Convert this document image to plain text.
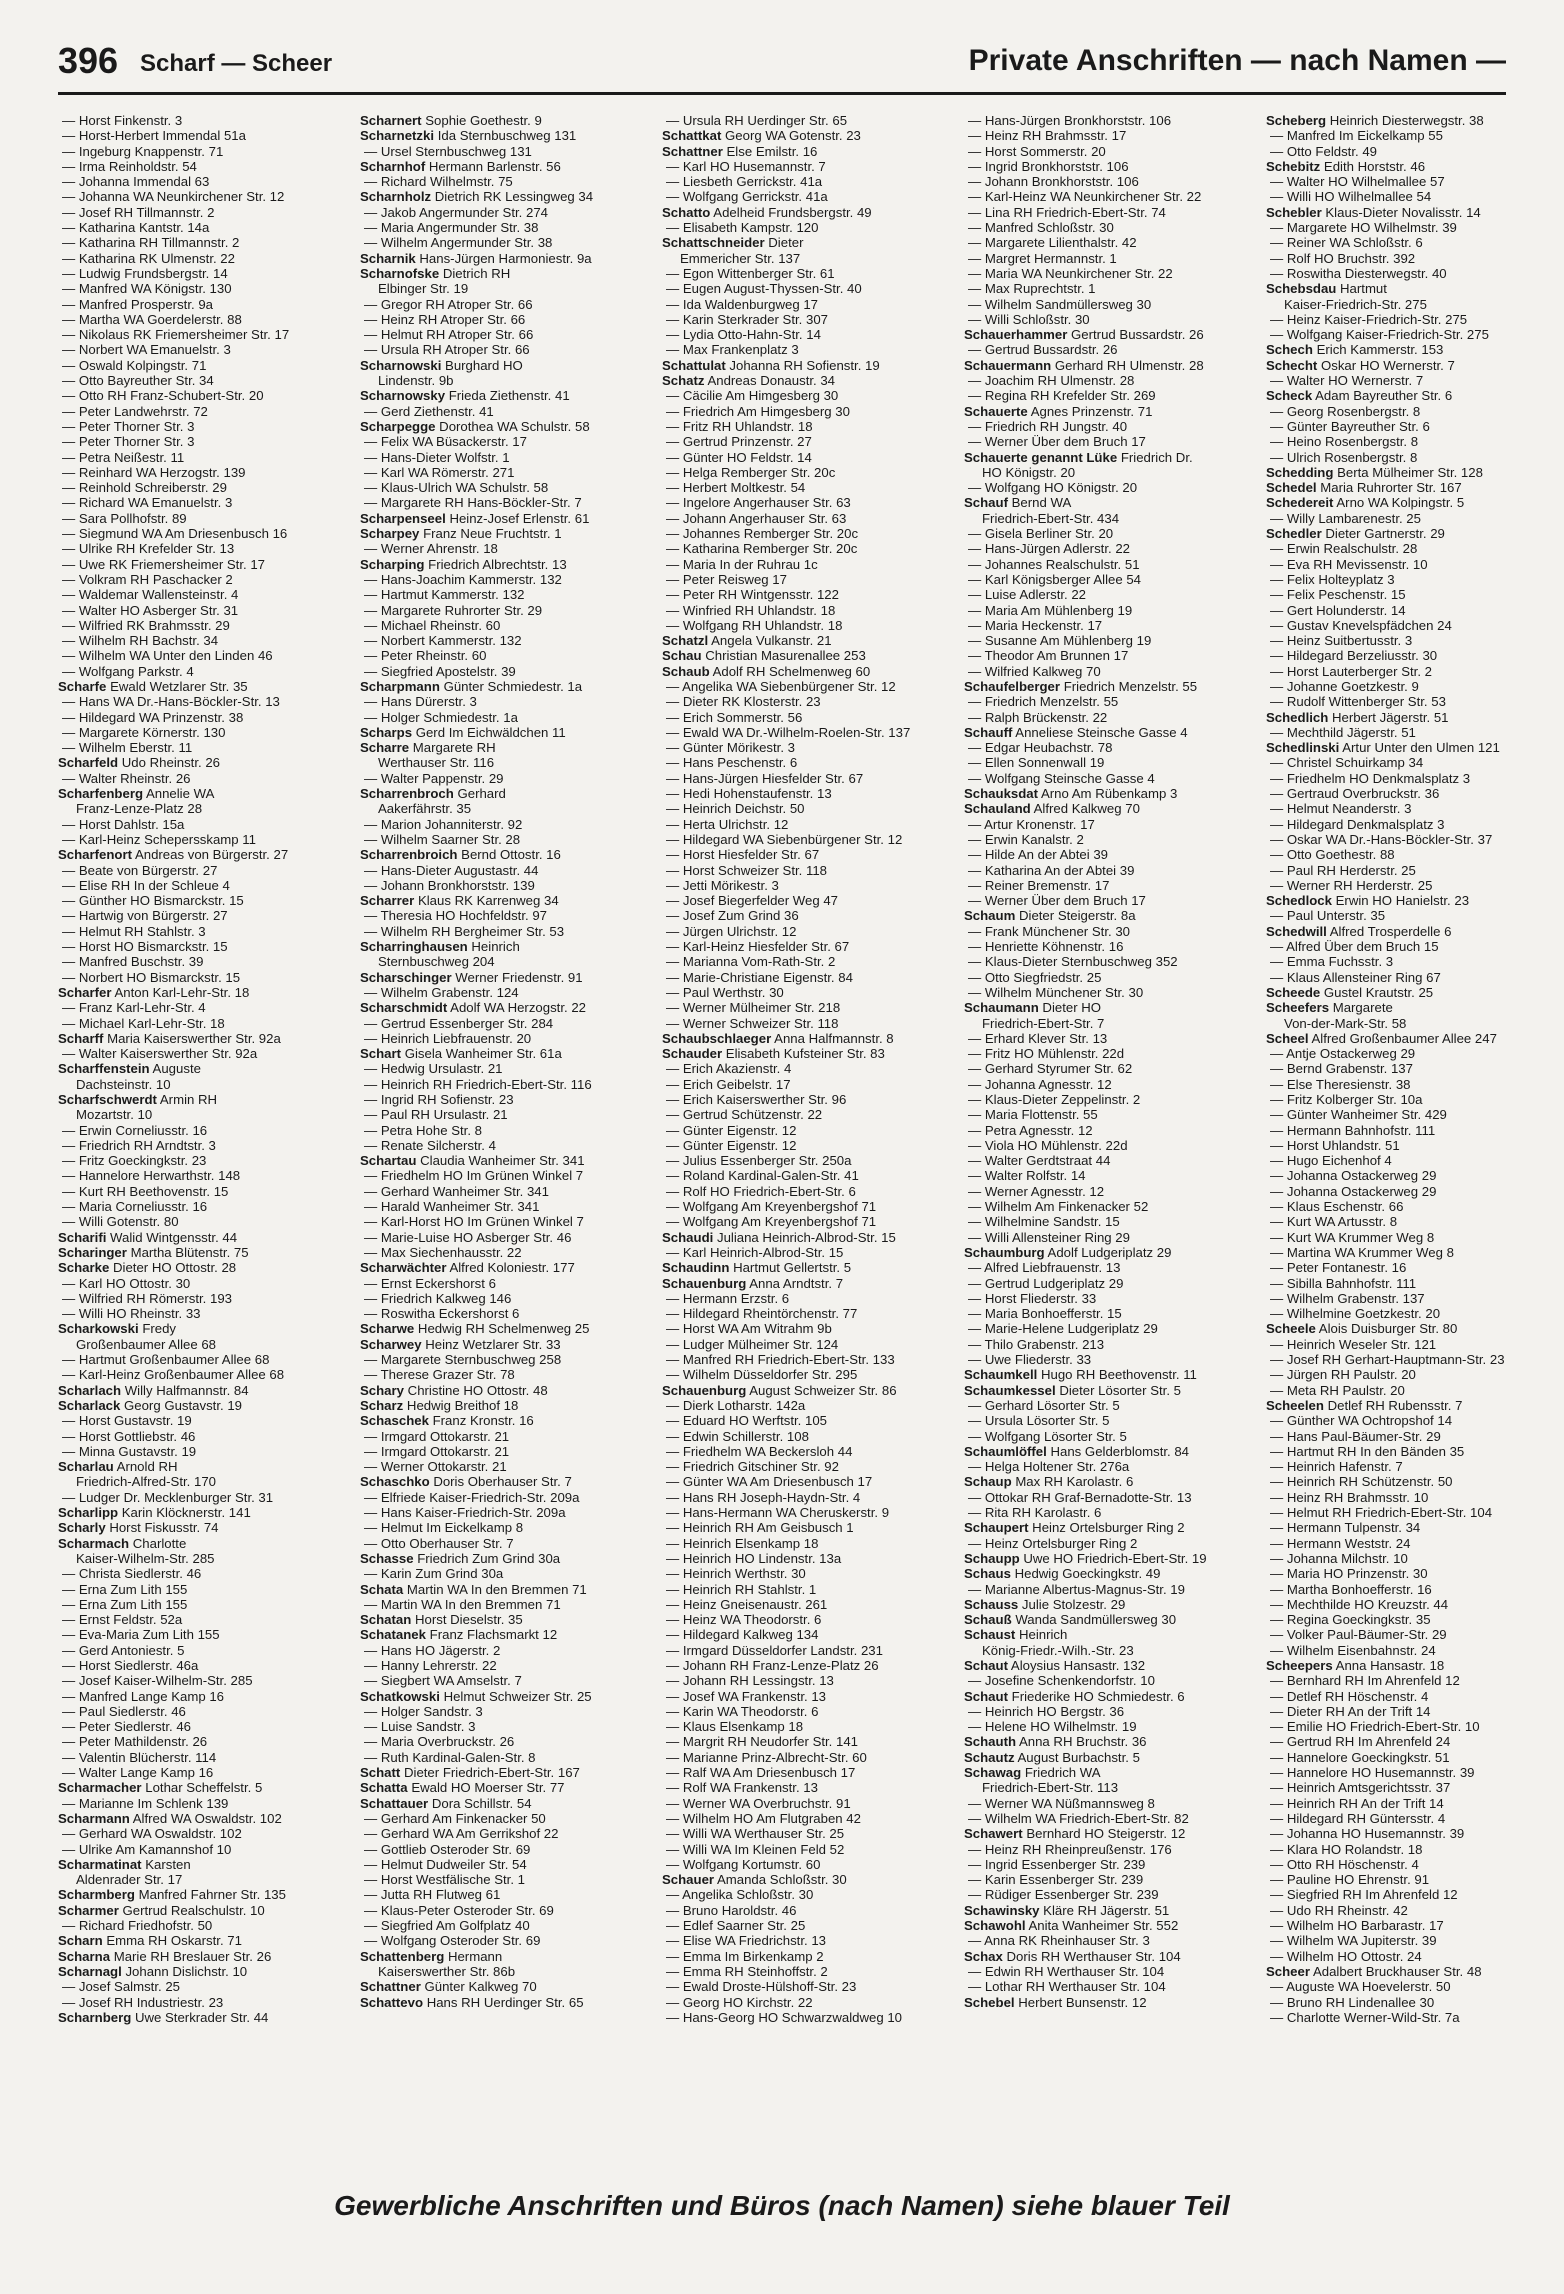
396 Scharf — Scheer	Private Anschriften — nach Namen —
— Horst Finkenstr. 3
— Horst-Herbert Immendal 51a
— Ingeburg Knappenstr. 71
— Irma Reinholdstr. 54
— Johanna Immendal 63
— Johanna WA Neunkirchener Str. 12
— Josef RH Tillmannstr. 2
— Katharina Kantstr. 14a
— Katharina RH Tillmannstr. 2
— Katharina RK Ulmenstr. 22
— Ludwig Frundsbergstr. 14
— Manfred WA Königstr. 130
— Manfred Prosperstr. 9a
— Martha WA Goerdelerstr. 88
— Nikolaus RK Friemersheimer Str. 17
— Norbert WA Emanuelstr. 3
— Oswald Kolpingstr. 71
— Otto Bayreuther Str. 34
— Otto RH Franz-Schubert-Str. 20
— Peter Landwehrstr. 72
— Peter Thorner Str. 3
— Peter Thorner Str. 3
— Petra Neißestr. 11
— Reinhard WA Herzogstr. 139
— Reinhold Schreiberstr. 29
— Richard WA Emanuelstr. 3
— Sara Pollhofstr. 89
— Siegmund WA Am Driesenbusch 16
— Ulrike RH Krefelder Str. 13
— Uwe RK Friemersheimer Str. 17
— Volkram RH Paschacker 2
— Waldemar Wallensteinstr. 4
— Walter HO Asberger Str. 31
— Wilfried RK Brahmsstr. 29
— Wilhelm RH Bachstr. 34
— Wilhelm WA Unter den Linden 46
— Wolfgang Parkstr. 4
Scharfe Ewald Wetzlarer Str. 35
— Hans WA Dr.-Hans-Böckler-Str. 13
— Hildegard WA Prinzenstr. 38
— Margarete Körnerstr. 130
— Wilhelm Eberstr. 11
Scharfeld Udo Rheinstr. 26
— Walter Rheinstr. 26
Scharfenberg Annelie WA
Franz-Lenze-Platz 28
— Horst Dahlstr. 15a
— Karl-Heinz Schepersskamp 11
Scharfenort Andreas von Bürgerstr. 27
— Beate von Bürgerstr. 27
— Elise RH In der Schleue 4
— Günther HO Bismarckstr. 15
— Hartwig von Bürgerstr. 27
— Helmut RH Stahlstr. 3
— Horst HO Bismarckstr. 15
— Manfred Buschstr. 39
— Norbert HO Bismarckstr. 15
Scharfer Anton Karl-Lehr-Str. 18
— Franz Karl-Lehr-Str. 4
— Michael Karl-Lehr-Str. 18
Scharff Maria Kaiserswerther Str. 92a
— Walter Kaiserswerther Str. 92a
Scharffenstein Auguste
Dachsteinstr. 10
Scharfschwerdt Armin RH
Mozartstr. 10
— Erwin Corneliusstr. 16
— Friedrich RH Arndtstr. 3
— Fritz Goeckingkstr. 23
— Hannelore Herwarthstr. 148
— Kurt RH Beethovenstr. 15
— Maria Corneliusstr. 16
— Willi Gotenstr. 80
Scharifi Walid Wintgensstr. 44
Scharinger Martha Blütenstr. 75
Scharke Dieter HO Ottostr. 28
— Karl HO Ottostr. 30
— Wilfried RH Römerstr. 193
— Willi HO Rheinstr. 33
Scharkowski Fredy
Großenbaumer Allee 68
— Hartmut Großenbaumer Allee 68
— Karl-Heinz Großenbaumer Allee 68
Scharlach Willy Halfmannstr. 84
Scharlack Georg Gustavstr. 19
— Horst Gustavstr. 19
— Horst Gottliebstr. 46
— Minna Gustavstr. 19
Scharlau Arnold RH
Friedrich-Alfred-Str. 170
— Ludger Dr. Mecklenburger Str. 31
Scharlipp Karin Klöcknerstr. 141
Scharly Horst Fiskusstr. 74
Scharmach Charlotte
Kaiser-Wilhelm-Str. 285
— Christa Siedlerstr. 46
— Erna Zum Lith 155
— Erna Zum Lith 155
— Ernst Feldstr. 52a
— Eva-Maria Zum Lith 155
— Gerd Antoniestr. 5
— Horst Siedlerstr. 46a
— Josef Kaiser-Wilhelm-Str. 285
— Manfred Lange Kamp 16
— Paul Siedlerstr. 46
— Peter Siedlerstr. 46
— Peter Mathildenstr. 26
— Valentin Blücherstr. 114
— Walter Lange Kamp 16
Scharmacher Lothar Scheffelstr. 5
— Marianne Im Schlenk 139
Scharmann Alfred WA Oswaldstr. 102
— Gerhard WA Oswaldstr. 102
— Ulrike Am Kamannshof 10
Scharmatinat Karsten
Aldenrader Str. 17
Scharmberg Manfred Fahrner Str. 135
Scharmer Gertrud Realschulstr. 10
— Richard Friedhofstr. 50
Scharn Emma RH Oskarstr. 71
Scharna Marie RH Breslauer Str. 26
Scharnagl Johann Dislichstr. 10
— Josef Salmstr. 25
— Josef RH Industriestr. 23
Scharnberg Uwe Sterkrader Str. 44
Scharnert Sophie Goethestr. 9
Scharnetzki Ida Sternbuschweg 131
— Ursel Sternbuschweg 131
Scharnhof Hermann Barlenstr. 56
— Richard Wilhelmstr. 75
Scharnholz Dietrich RK Lessingweg 34
— Jakob Angermunder Str. 274
— Maria Angermunder Str. 38
— Wilhelm Angermunder Str. 38
Scharnik Hans-Jürgen Harmoniestr. 9a
Scharnofske Dietrich RH
Elbinger Str. 19
— Gregor RH Atroper Str. 66
— Heinz RH Atroper Str. 66
— Helmut RH Atroper Str. 66
— Ursula RH Atroper Str. 66
Scharnowski Burghard HO
Lindenstr. 9b
Scharnowsky Frieda Ziethenstr. 41
— Gerd Ziethenstr. 41
Scharpegge Dorothea WA Schulstr. 58
— Felix WA Büsackerstr. 17
— Hans-Dieter Wolfstr. 1
— Karl WA Römerstr. 271
— Klaus-Ulrich WA Schulstr. 58
— Margarete RH Hans-Böckler-Str. 7
Scharpenseel Heinz-Josef Erlenstr. 61
Scharpey Franz Neue Fruchtstr. 1
— Werner Ahrenstr. 18
Scharping Friedrich Albrechtstr. 13
— Hans-Joachim Kammerstr. 132
— Hartmut Kammerstr. 132
— Margarete Ruhrorter Str. 29
— Michael Rheinstr. 60
— Norbert Kammerstr. 132
— Peter Rheinstr. 60
— Siegfried Apostelstr. 39
Scharpmann Günter Schmiedestr. 1a
— Hans Dürerstr. 3
— Holger Schmiedestr. 1a
Scharps Gerd Im Eichwäldchen 11
Scharre Margarete RH
Werthauser Str. 116
— Walter Pappenstr. 29
Scharrenbroch Gerhard
Aakerfährstr. 35
— Marion Johanniterstr. 92
— Wilhelm Saarner Str. 28
Scharrenbroich Bernd Ottostr. 16
— Hans-Dieter Augustastr. 44
— Johann Bronkhorststr. 139
Scharrer Klaus RK Karrenweg 34
— Theresia HO Hochfeldstr. 97
— Wilhelm RH Bergheimer Str. 53
Scharringhausen Heinrich
Sternbuschweg 204
Scharschinger Werner Friedenstr. 91
— Wilhelm Grabenstr. 124
Scharschmidt Adolf WA Herzogstr. 22
— Gertrud Essenberger Str. 284
— Heinrich Liebfrauenstr. 20
Schart Gisela Wanheimer Str. 61a
— Hedwig Ursulastr. 21
— Heinrich RH Friedrich-Ebert-Str. 116
— Ingrid RH Sofienstr. 23
— Paul RH Ursulastr. 21
— Petra Hohe Str. 8
— Renate Silcherstr. 4
Schartau Claudia Wanheimer Str. 341
— Friedhelm HO Im Grünen Winkel 7
— Gerhard Wanheimer Str. 341
— Harald Wanheimer Str. 341
— Karl-Horst HO Im Grünen Winkel 7
— Marie-Luise HO Asberger Str. 46
— Max Siechenhausstr. 22
Scharwächter Alfred Koloniestr. 177
— Ernst Eckershorst 6
— Friedrich Kalkweg 146
— Roswitha Eckershorst 6
Scharwe Hedwig RH Schelmenweg 25
Scharwey Heinz Wetzlarer Str. 33
— Margarete Sternbuschweg 258
— Therese Grazer Str. 78
Schary Christine HO Ottostr. 48
Scharz Hedwig Breithof 18
Schaschek Franz Kronstr. 16
— Irmgard Ottokarstr. 21
— Irmgard Ottokarstr. 21
— Werner Ottokarstr. 21
Schaschko Doris Oberhauser Str. 7
— Elfriede Kaiser-Friedrich-Str. 209a
— Hans Kaiser-Friedrich-Str. 209a
— Helmut Im Eickelkamp 8
— Otto Oberhauser Str. 7
Schasse Friedrich Zum Grind 30a
— Karin Zum Grind 30a
Schata Martin WA In den Bremmen 71
— Martin WA In den Bremmen 71
Schatan Horst Dieselstr. 35
Schatanek Franz Flachsmarkt 12
— Hans HO Jägerstr. 2
— Hanny Lehrerstr. 22
— Siegbert WA Amselstr. 7
Schatkowski Helmut Schweizer Str. 25
— Holger Sandstr. 3
— Luise Sandstr. 3
— Maria Overbruckstr. 26
— Ruth Kardinal-Galen-Str. 8
Schatt Dieter Friedrich-Ebert-Str. 167
Schatta Ewald HO Moerser Str. 77
Schattauer Dora Schillstr. 54
— Gerhard Am Finkenacker 50
— Gerhard WA Am Gerrikshof 22
— Gottlieb Osteroder Str. 69
— Helmut Dudweiler Str. 54
— Horst Westfälische Str. 1
— Jutta RH Flutweg 61
— Klaus-Peter Osteroder Str. 69
— Siegfried Am Golfplatz 40
— Wolfgang Osteroder Str. 69
Schattenberg Hermann
Kaiserswerther Str. 86b
Schattner Günter Kalkweg 70
Schattevo Hans RH Uerdinger Str. 65
— Ursula RH Uerdinger Str. 65
Schattkat Georg WA Gotenstr. 23
Schattner Else Emilstr. 16
— Karl HO Husemannstr. 7
— Liesbeth Gerrickstr. 41a
— Wolfgang Gerrickstr. 41a
Schatto Adelheid Frundsbergstr. 49
— Elisabeth Kampstr. 120
Schattschneider Dieter
Emmericher Str. 137
— Egon Wittenberger Str. 61
— Eugen August-Thyssen-Str. 40
— Ida Waldenburgweg 17
— Karin Sterkrader Str. 307
— Lydia Otto-Hahn-Str. 14
— Max Frankenplatz 3
Schattulat Johanna RH Sofienstr. 19
Schatz Andreas Donaustr. 34
— Cäcilie Am Himgesberg 30
— Friedrich Am Himgesberg 30
— Fritz RH Uhlandstr. 18
— Gertrud Prinzenstr. 27
— Günter HO Feldstr. 14
— Helga Remberger Str. 20c
— Herbert Moltkestr. 54
— Ingelore Angerhauser Str. 63
— Johann Angerhauser Str. 63
— Johannes Remberger Str. 20c
— Katharina Remberger Str. 20c
— Maria In der Ruhrau 1c
— Peter Reisweg 17
— Peter RH Wintgensstr. 122
— Winfried RH Uhlandstr. 18
— Wolfgang RH Uhlandstr. 18
Schatzl Angela Vulkanstr. 21
Schau Christian Masurenallee 253
Schaub Adolf RH Schelmenweg 60
— Angelika WA Siebenbürgener Str. 12
— Dieter RK Klosterstr. 23
— Erich Sommerstr. 56
— Ewald WA Dr.-Wilhelm-Roelen-Str. 137
— Günter Mörikestr. 3
— Hans Peschenstr. 6
— Hans-Jürgen Hiesfelder Str. 67
— Hedi Hohenstaufenstr. 13
— Heinrich Deichstr. 50
— Herta Ulrichstr. 12
— Hildegard WA Siebenbürgener Str. 12
— Horst Hiesfelder Str. 67
— Horst Schweizer Str. 118
— Jetti Mörikestr. 3
— Josef Biegerfelder Weg 47
— Josef Zum Grind 36
— Jürgen Ulrichstr. 12
— Karl-Heinz Hiesfelder Str. 67
— Marianna Vom-Rath-Str. 2
— Marie-Christiane Eigenstr. 84
— Paul Werthstr. 30
— Werner Mülheimer Str. 218
— Werner Schweizer Str. 118
Schaubschlaeger Anna Halfmannstr. 8
Schauder Elisabeth Kufsteiner Str. 83
— Erich Akazienstr. 4
— Erich Geibelstr. 17
— Erich Kaiserswerther Str. 96
— Gertrud Schützenstr. 22
— Günter Eigenstr. 12
— Günter Eigenstr. 12
— Julius Essenberger Str. 250a
— Roland Kardinal-Galen-Str. 41
— Rolf HO Friedrich-Ebert-Str. 6
— Wolfgang Am Kreyenbergshof 71
— Wolfgang Am Kreyenbergshof 71
Schaudi Juliana Heinrich-Albrod-Str. 15
— Karl Heinrich-Albrod-Str. 15
Schaudinn Hartmut Gellertstr. 5
Schauenburg Anna Arndtstr. 7
— Hermann Erzstr. 6
— Hildegard Rheintörchenstr. 77
— Horst WA Am Witrahm 9b
— Ludger Mülheimer Str. 124
— Manfred RH Friedrich-Ebert-Str. 133
— Wilhelm Düsseldorfer Str. 295
Schauenburg August Schweizer Str. 86
— Dierk Lotharstr. 142a
— Eduard HO Werftstr. 105
— Edwin Schillerstr. 108
— Friedhelm WA Beckersloh 44
— Friedrich Gitschiner Str. 92
— Günter WA Am Driesenbusch 17
— Hans RH Joseph-Haydn-Str. 4
— Hans-Hermann WA Cheruskerstr. 9
— Heinrich RH Am Geisbusch 1
— Heinrich Elsenkamp 18
— Heinrich HO Lindenstr. 13a
— Heinrich Werthstr. 30
— Heinrich RH Stahlstr. 1
— Heinz Gneisenaustr. 261
— Heinz WA Theodorstr. 6
— Hildegard Kalkweg 134
— Irmgard Düsseldorfer Landstr. 231
— Johann RH Franz-Lenze-Platz 26
— Johann RH Lessingstr. 13
— Josef WA Frankenstr. 13
— Karin WA Theodorstr. 6
— Klaus Elsenkamp 18
— Margrit RH Neudorfer Str. 141
— Marianne Prinz-Albrecht-Str. 60
— Ralf WA Am Driesenbusch 17
— Rolf WA Frankenstr. 13
— Werner WA Overbruchstr. 91
— Wilhelm HO Am Flutgraben 42
— Willi WA Werthauser Str. 25
— Willi WA Im Kleinen Feld 52
— Wolfgang Kortumstr. 60
Schauer Amanda Schloßstr. 30
— Angelika Schloßstr. 30
— Bruno Haroldstr. 46
— Edlef Saarner Str. 25
— Elise WA Friedrichstr. 13
— Emma Im Birkenkamp 2
— Emma RH Steinhoffstr. 2
— Ewald Droste-Hülshoff-Str. 23
— Georg HO Kirchstr. 22
— Hans-Georg HO Schwarzwaldweg 10
— Hans-Jürgen Bronkhorststr. 106
— Heinz RH Brahmsstr. 17
— Horst Sommerstr. 20
— Ingrid Bronkhorststr. 106
— Johann Bronkhorststr. 106
— Karl-Heinz WA Neunkirchener Str. 22
— Lina RH Friedrich-Ebert-Str. 74
— Manfred Schloßstr. 30
— Margarete Lilienthalstr. 42
— Margret Hermannstr. 1
— Maria WA Neunkirchener Str. 22
— Max Ruprechtstr. 1
— Wilhelm Sandmüllersweg 30
— Willi Schloßstr. 30
Schauerhammer Gertrud Bussardstr. 26
— Gertrud Bussardstr. 26
Schauermann Gerhard RH Ulmenstr. 28
— Joachim RH Ulmenstr. 28
— Regina RH Krefelder Str. 269
Schauerte Agnes Prinzenstr. 71
— Friedrich RH Jungstr. 40
— Werner Über dem Bruch 17
Schauerte genannt Lüke Friedrich Dr.
HO Königstr. 20
— Wolfgang HO Königstr. 20
Schauf Bernd WA
Friedrich-Ebert-Str. 434
— Gisela Berliner Str. 20
— Hans-Jürgen Adlerstr. 22
— Johannes Realschulstr. 51
— Karl Königsberger Allee 54
— Luise Adlerstr. 22
— Maria Am Mühlenberg 19
— Maria Heckenstr. 17
— Susanne Am Mühlenberg 19
— Theodor Am Brunnen 17
— Wilfried Kalkweg 70
Schaufelberger Friedrich Menzelstr. 55
— Friedrich Menzelstr. 55
— Ralph Brückenstr. 22
Schauff Anneliese Steinsche Gasse 4
— Edgar Heubachstr. 78
— Ellen Sonnenwall 19
— Wolfgang Steinsche Gasse 4
Schauksdat Arno Am Rübenkamp 3
Schauland Alfred Kalkweg 70
— Artur Kronenstr. 17
— Erwin Kanalstr. 2
— Hilde An der Abtei 39
— Katharina An der Abtei 39
— Reiner Bremenstr. 17
— Werner Über dem Bruch 17
Schaum Dieter Steigerstr. 8a
— Frank Münchener Str. 30
— Henriette Köhnenstr. 16
— Klaus-Dieter Sternbuschweg 352
— Otto Siegfriedstr. 25
— Wilhelm Münchener Str. 30
Schaumann Dieter HO
Friedrich-Ebert-Str. 7
— Erhard Klever Str. 13
— Fritz HO Mühlenstr. 22d
— Gerhard Styrumer Str. 62
— Johanna Agnesstr. 12
— Klaus-Dieter Zeppelinstr. 2
— Maria Flottenstr. 55
— Petra Agnesstr. 12
— Viola HO Mühlenstr. 22d
— Walter Gerdtstraat 44
— Walter Rolfstr. 14
— Werner Agnesstr. 12
— Wilhelm Am Finkenacker 52
— Wilhelmine Sandstr. 15
— Willi Allensteiner Ring 29
Schaumburg Adolf Ludgeriplatz 29
— Alfred Liebfrauenstr. 13
— Gertrud Ludgeriplatz 29
— Horst Fliederstr. 33
— Maria Bonhoefferstr. 15
— Marie-Helene Ludgeriplatz 29
— Thilo Grabenstr. 213
— Uwe Fliederstr. 33
Schaumkell Hugo RH Beethovenstr. 11
Schaumkessel Dieter Lösorter Str. 5
— Gerhard Lösorter Str. 5
— Ursula Lösorter Str. 5
— Wolfgang Lösorter Str. 5
Schaumlöffel Hans Gelderblomstr. 84
— Helga Holtener Str. 276a
Schaup Max RH Karolastr. 6
— Ottokar RH Graf-Bernadotte-Str. 13
— Rita RH Karolastr. 6
Schaupert Heinz Ortelsburger Ring 2
— Heinz Ortelsburger Ring 2
Schaupp Uwe HO Friedrich-Ebert-Str. 19
Schaus Hedwig Goeckingkstr. 49
— Marianne Albertus-Magnus-Str. 19
Schauss Julie Stolzestr. 29
Schauß Wanda Sandmüllersweg 30
Schaust Heinrich
König-Friedr.-Wilh.-Str. 23
Schaut Aloysius Hansastr. 132
— Josefine Schenkendorfstr. 10
Schaut Friederike HO Schmiedestr. 6
— Heinrich HO Bergstr. 36
— Helene HO Wilhelmstr. 19
Schauth Anna RH Bruchstr. 36
Schautz August Burbachstr. 5
Schawag Friedrich WA
Friedrich-Ebert-Str. 113
— Werner WA Nüßmannsweg 8
— Wilhelm WA Friedrich-Ebert-Str. 82
Schawert Bernhard HO Steigerstr. 12
— Heinz RH Rheinpreußenstr. 176
— Ingrid Essenberger Str. 239
— Karin Essenberger Str. 239
— Rüdiger Essenberger Str. 239
Schawinsky Kläre RH Jägerstr. 51
Schawohl Anita Wanheimer Str. 552
— Anna RK Rheinhauser Str. 3
Schax Doris RH Werthauser Str. 104
— Edwin RH Werthauser Str. 104
— Lothar RH Werthauser Str. 104
Schebel Herbert Bunsenstr. 12
Scheberg Heinrich Diesterwegstr. 38
— Manfred Im Eickelkamp 55
— Otto Feldstr. 49
Schebitz Edith Horststr. 46
— Walter HO Wilhelmallee 57
— Willi HO Wilhelmallee 54
Schebler Klaus-Dieter Novalisstr. 14
— Margarete HO Wilhelmstr. 39
— Reiner WA Schloßstr. 6
— Rolf HO Bruchstr. 392
— Roswitha Diesterwegstr. 40
Schebsdau Hartmut
Kaiser-Friedrich-Str. 275
— Heinz Kaiser-Friedrich-Str. 275
— Wolfgang Kaiser-Friedrich-Str. 275
Schech Erich Kammerstr. 153
Schecht Oskar HO Wernerstr. 7
— Walter HO Wernerstr. 7
Scheck Adam Bayreuther Str. 6
— Georg Rosenbergstr. 8
— Günter Bayreuther Str. 6
— Heino Rosenbergstr. 8
— Ulrich Rosenbergstr. 8
Schedding Berta Mülheimer Str. 128
Schedel Maria Ruhrorter Str. 167
Schedereit Arno WA Kolpingstr. 5
— Willy Lambarenestr. 25
Schedler Dieter Gartnerstr. 29
— Erwin Realschulstr. 28
— Eva RH Mevissenstr. 10
— Felix Holteyplatz 3
— Felix Peschenstr. 15
— Gert Holunderstr. 14
— Gustav Knevelspfädchen 24
— Heinz Suitbertusstr. 3
— Hildegard Berzeliusstr. 30
— Horst Lauterberger Str. 2
— Johanne Goetzkestr. 9
— Rudolf Wittenberger Str. 53
Schedlich Herbert Jägerstr. 51
— Mechthild Jägerstr. 51
Schedlinski Artur Unter den Ulmen 121
— Christel Schuirkamp 34
— Friedhelm HO Denkmalsplatz 3
— Gertraud Overbruckstr. 36
— Helmut Neanderstr. 3
— Hildegard Denkmalsplatz 3
— Oskar WA Dr.-Hans-Böckler-Str. 37
— Otto Goethestr. 88
— Paul RH Herderstr. 25
— Werner RH Herderstr. 25
Schedlock Erwin HO Hanielstr. 23
— Paul Unterstr. 35
Schedwill Alfred Trosperdelle 6
— Alfred Über dem Bruch 15
— Emma Fuchsstr. 3
— Klaus Allensteiner Ring 67
Scheede Gustel Krautstr. 25
Scheefers Margarete
Von-der-Mark-Str. 58
Scheel Alfred Großenbaumer Allee 247
— Antje Ostackerweg 29
— Bernd Grabenstr. 137
— Else Theresienstr. 38
— Fritz Kolberger Str. 10a
— Günter Wanheimer Str. 429
— Hermann Bahnhofstr. 111
— Horst Uhlandstr. 51
— Hugo Eichenhof 4
— Johanna Ostackerweg 29
— Johanna Ostackerweg 29
— Klaus Eschenstr. 66
— Kurt WA Artusstr. 8
— Kurt WA Krummer Weg 8
— Martina WA Krummer Weg 8
— Peter Fontanestr. 16
— Sibilla Bahnhofstr. 111
— Wilhelm Grabenstr. 137
— Wilhelmine Goetzkestr. 20
Scheele Alois Duisburger Str. 80
— Heinrich Weseler Str. 121
— Josef RH Gerhart-Hauptmann-Str. 23
— Jürgen RH Paulstr. 20
— Meta RH Paulstr. 20
Scheelen Detlef RH Rubensstr. 7
— Günther WA Ochtropshof 14
— Hans Paul-Bäumer-Str. 29
— Hartmut RH In den Bänden 35
— Heinrich Hafenstr. 7
— Heinrich RH Schützenstr. 50
— Heinz RH Brahmsstr. 10
— Helmut RH Friedrich-Ebert-Str. 104
— Hermann Tulpenstr. 34
— Hermann Weststr. 24
— Johanna Milchstr. 10
— Maria HO Prinzenstr. 30
— Martha Bonhoefferstr. 16
— Mechthilde HO Kreuzstr. 44
— Regina Goeckingkstr. 35
— Volker Paul-Bäumer-Str. 29
— Wilhelm Eisenbahnstr. 24
Scheepers Anna Hansastr. 18
— Bernhard RH Im Ahrenfeld 12
— Detlef RH Höschenstr. 4
— Dieter RH An der Trift 14
— Emilie HO Friedrich-Ebert-Str. 10
— Gertrud RH Im Ahrenfeld 24
— Hannelore Goeckingkstr. 51
— Hannelore HO Husemannstr. 39
— Heinrich Amtsgerichtsstr. 37
— Heinrich RH An der Trift 14
— Hildegard RH Güntersstr. 4
— Johanna HO Husemannstr. 39
— Klara HO Rolandstr. 18
— Otto RH Höschenstr. 4
— Pauline HO Ehrenstr. 91
— Siegfried RH Im Ahrenfeld 12
— Udo RH Rheinstr. 42
— Wilhelm HO Barbarastr. 17
— Wilhelm WA Jupiterstr. 39
— Wilhelm HO Ottostr. 24
Scheer Adalbert Bruckhauser Str. 48
— Auguste WA Hoevelerstr. 50
— Bruno RH Lindenallee 30
— Charlotte Werner-Wild-Str. 7a
Gewerbliche Anschriften und Büros (nach Namen) siehe blauer Teil
